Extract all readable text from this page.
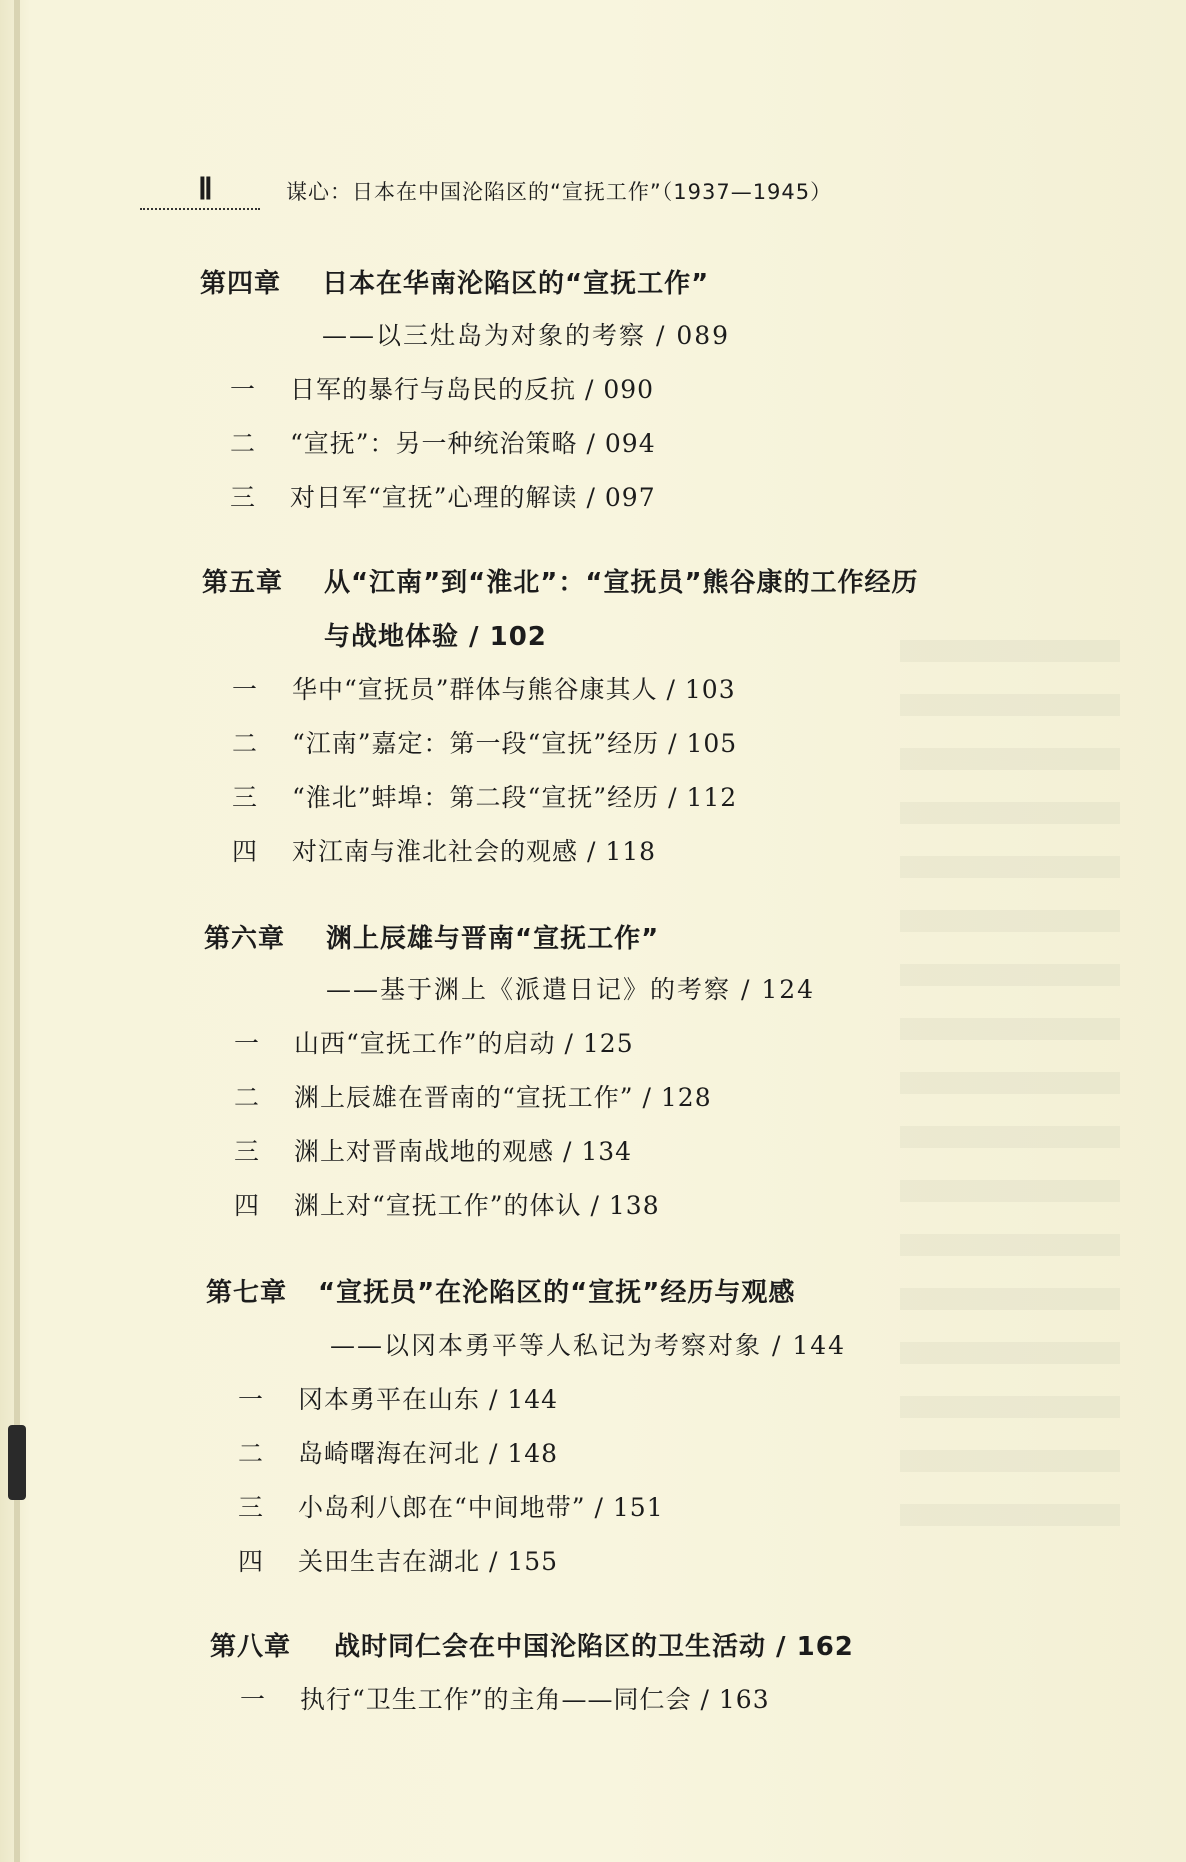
Ⅱ	谋心：日本在中国沦陷区的“宣抚工作”（1937—1945）
第四章 日本在华南沦陷区的“宣抚工作”
——以三灶岛为对象的考察 / 089
一 日军的暴行与岛民的反抗 / 090
二 “宣抚”：另一种统治策略 / 094
三 对日军“宣抚”心理的解读 / 097
第五章 从“江南”到“淮北”：“宣抚员”熊谷康的工作经历
与战地体验 / 102
一 华中“宣抚员”群体与熊谷康其人 / 103
二 “江南”嘉定：第一段“宣抚”经历 / 105
三 “淮北”蚌埠：第二段“宣抚”经历 / 112
四 对江南与淮北社会的观感 / 118
第六章 渊上辰雄与晋南“宣抚工作”
——基于渊上《派遣日记》的考察 / 124
一 山西“宣抚工作”的启动 / 125
二 渊上辰雄在晋南的“宣抚工作” / 128
三 渊上对晋南战地的观感 / 134
四 渊上对“宣抚工作”的体认 / 138
第七章 “宣抚员”在沦陷区的“宣抚”经历与观感
——以冈本勇平等人私记为考察对象 / 144
一 冈本勇平在山东 / 144
二 岛崎曙海在河北 / 148
三 小岛利八郎在“中间地带” / 151
四 关田生吉在湖北 / 155
第八章 战时同仁会在中国沦陷区的卫生活动 / 162
一 执行“卫生工作”的主角——同仁会 / 163
